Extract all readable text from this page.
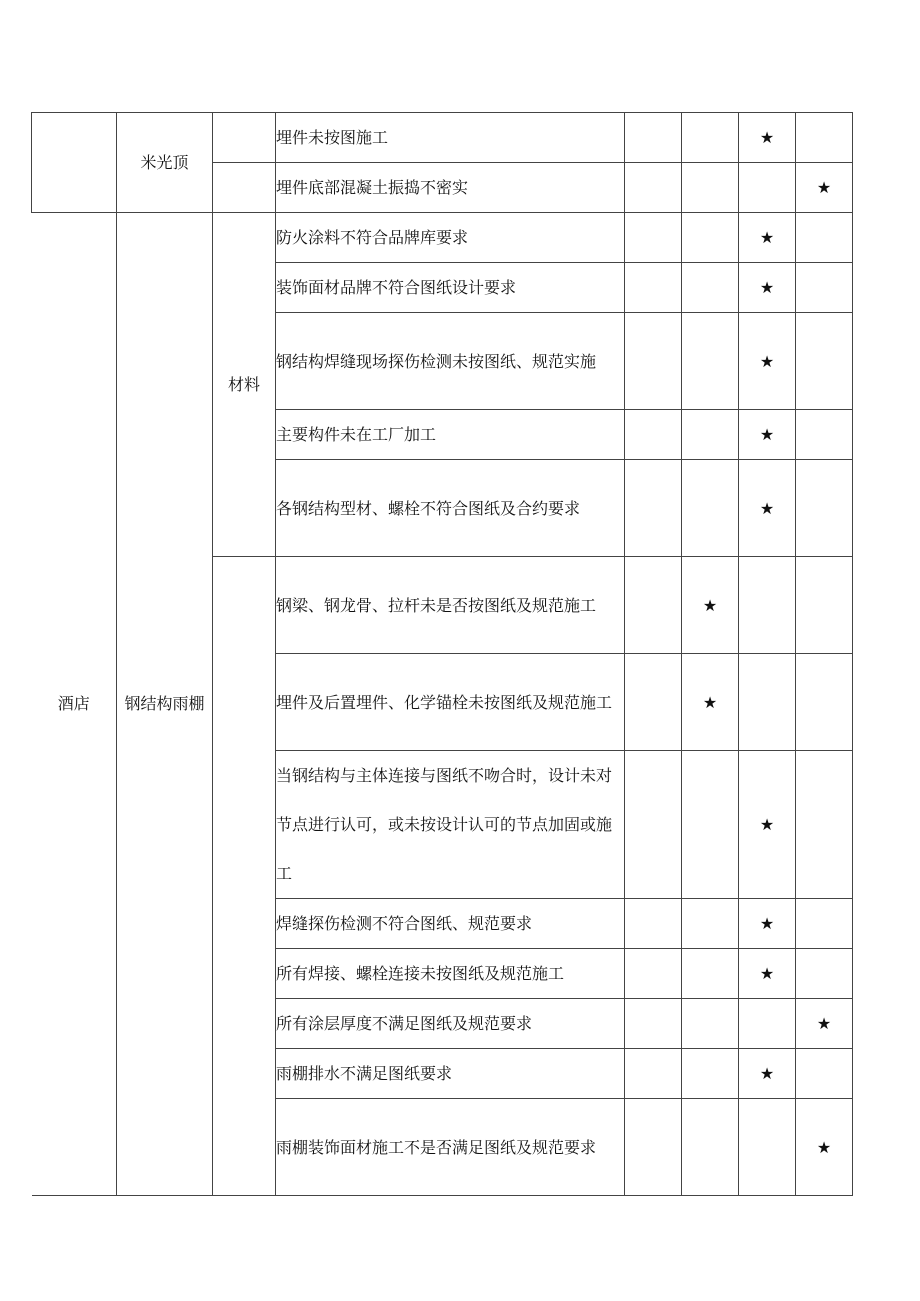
	米光顶		埋件未按图施工			★	
			埋件底部混凝土振捣不密实				★
酒店	钢结构雨棚	材料	防火涂料不符合品牌库要求			★	
			装饰面材品牌不符合图纸设计要求			★	
			钢结构焊缝现场探伤检测未按图纸、规范实施			★	
			主要构件未在工厂加工			★	
			各钢结构型材、螺栓不符合图纸及合约要求			★	
			钢梁、钢龙骨、拉杆未是否按图纸及规范施工		★		
			埋件及后置埋件、化学锚栓未按图纸及规范施工		★		
			当钢结构与主体连接与图纸不吻合时，设计未对节点进行认可，或未按设计认可的节点加固或施工			★	
			焊缝探伤检测不符合图纸、规范要求			★	
			所有焊接、螺栓连接未按图纸及规范施工			★	
			所有涂层厚度不满足图纸及规范要求				★
			雨棚排水不满足图纸要求			★	
			雨棚装饰面材施工不是否满足图纸及规范要求				★
